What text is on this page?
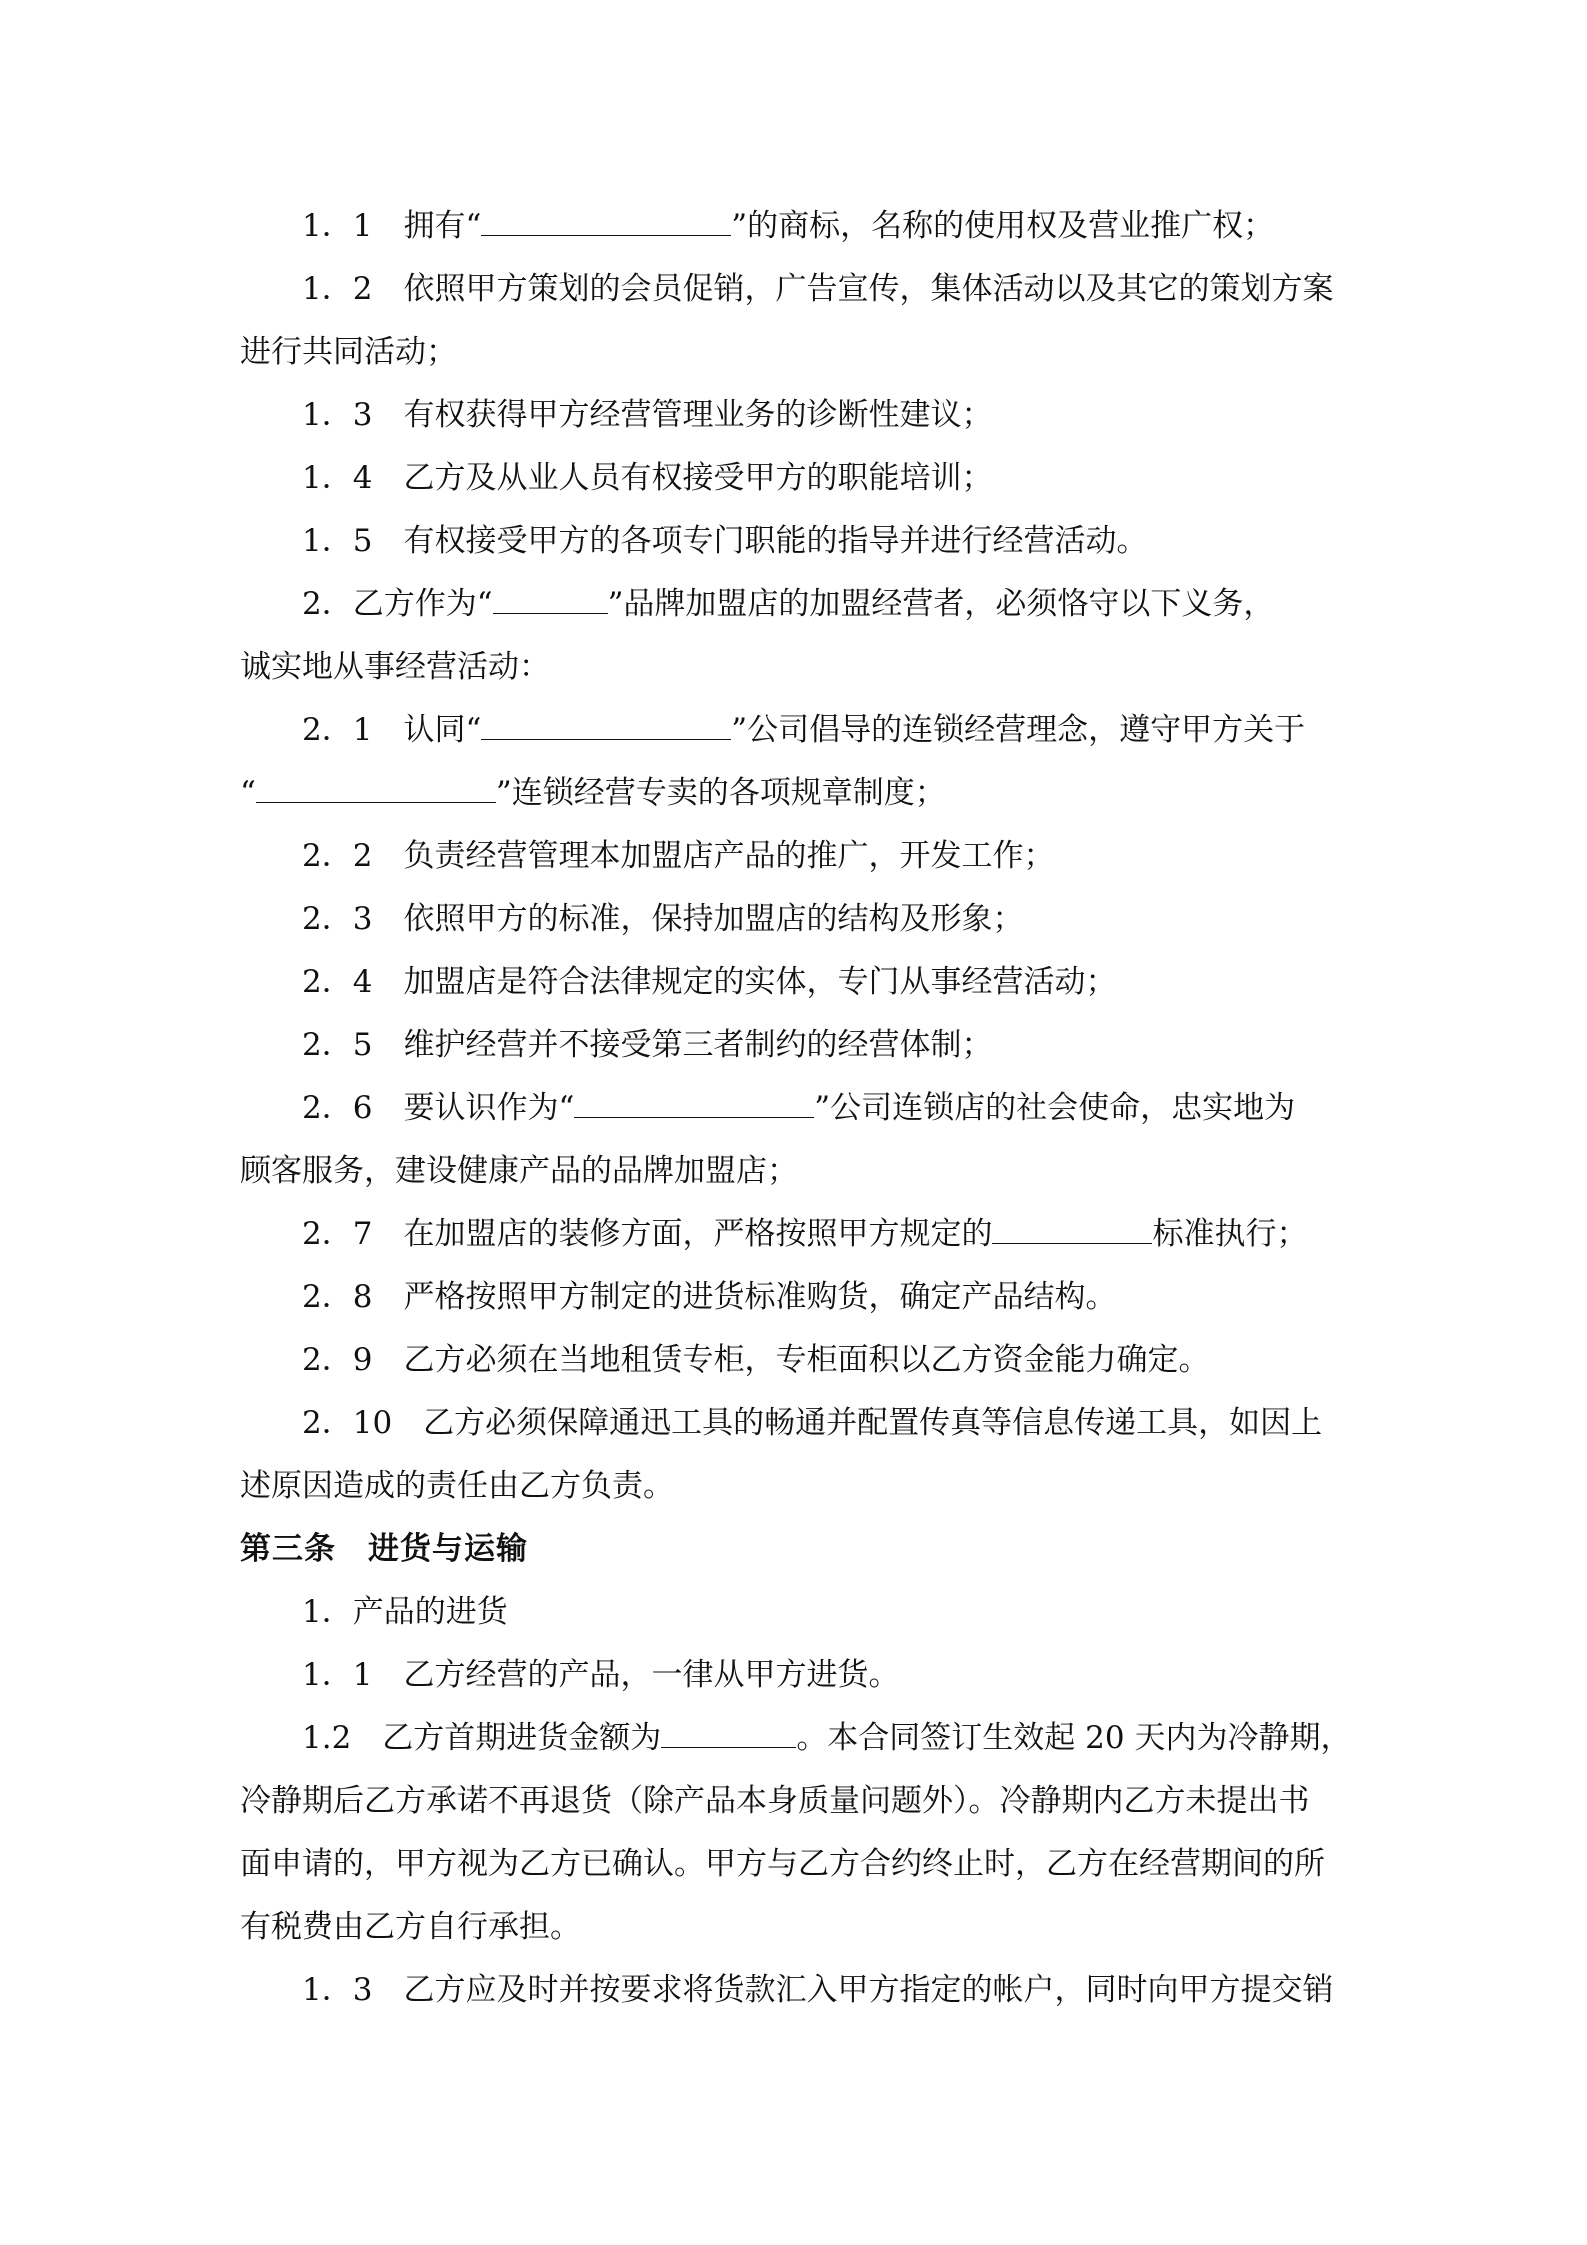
1．1　拥有“	”的商标，名称的使用权及营业推广权；
1．2　依照甲方策划的会员促销，广告宣传，集体活动以及其它的策划方案
进行共同活动；
1．3　有权获得甲方经营管理业务的诊断性建议；
1．4　乙方及从业人员有权接受甲方的职能培训；
1．5　有权接受甲方的各项专门职能的指导并进行经营活动。
2．乙方作为“	”品牌加盟店的加盟经营者，必须恪守以下义务，
诚实地从事经营活动：
2．1　认同“	”公司倡导的连锁经营理念，遵守甲方关于
“	”连锁经营专卖的各项规章制度；
2．2　负责经营管理本加盟店产品的推广，开发工作；
2．3　依照甲方的标准，保持加盟店的结构及形象；
2．4　加盟店是符合法律规定的实体，专门从事经营活动；
2．5　维护经营并不接受第三者制约的经营体制；
2．6　要认识作为“	”公司连锁店的社会使命，忠实地为
顾客服务，建设健康产品的品牌加盟店；
2．7　在加盟店的装修方面，严格按照甲方规定的	标准执行；
2．8　严格按照甲方制定的进货标准购货，确定产品结构。
2．9　乙方必须在当地租赁专柜，专柜面积以乙方资金能力确定。
2．10　乙方必须保障通迅工具的畅通并配置传真等信息传递工具，如因上
述原因造成的责任由乙方负责。
第三条　进货与运输
1．产品的进货
1．1　乙方经营的产品，一律从甲方进货。
1.2　乙方首期进货金额为	。本合同签订生效起 20 天内为冷静期，
冷静期后乙方承诺不再退货（除产品本身质量问题外）。冷静期内乙方未提出书
面申请的，甲方视为乙方已确认。甲方与乙方合约终止时，乙方在经营期间的所
有税费由乙方自行承担。
1．3　乙方应及时并按要求将货款汇入甲方指定的帐户，同时向甲方提交销
